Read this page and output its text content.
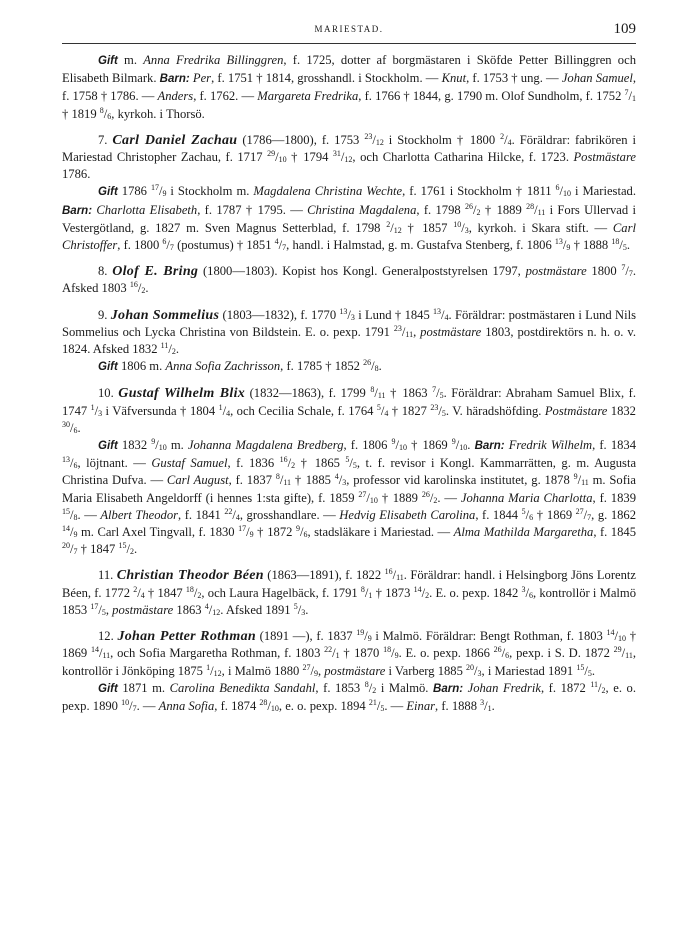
MARIESTAD.	109

Gift m. Anna Fredrika Billinggren, f. 1725, dotter af borgmästaren i Sköfde Petter Billinggren och Elisabeth Bilmark. Barn: Per, f. 1751 † 1814, grosshandl. i Stockholm. — Knut, f. 1753 † ung. — Johan Samuel, f. 1758 † 1786. — Anders, f. 1762. — Margareta Fredrika, f. 1766 † 1844, g. 1790 m. Olof Sundholm, f. 1752 $^7/_1$ † 1819 $^8/_6$, kyrkoh. i Thorsö.

7. Carl Daniel Zachau (1786—1800), f. 1753 $^{23}/_{12}$ i Stockholm † 1800 $^2/_4$. Föräldrar: fabrikören i Mariestad Christopher Zachau, f. 1717 $^{29}/_{10}$ † 1794 $^{31}/_{12}$, och Charlotta Catharina Hilcke, f. 1723. Postmästare 1786.

Gift 1786 $^{17}/_9$ i Stockholm m. Magdalena Christina Wechte, f. 1761 i Stockholm † 1811 $^6/_{10}$ i Mariestad. Barn: Charlotta Elisabeth, f. 1787 † 1795. — Christina Magdalena, f. 1798 $^{26}/_2$ † 1889 $^{28}/_{11}$ i Fors Ullervad i Vestergötland, g. 1827 m. Sven Magnus Setterblad, f. 1798 $^2/_{12}$ † 1857 $^{10}/_3$, kyrkoh. i Skara stift. — Carl Christoffer, f. 1800 $^6/_7$ (postumus) † 1851 $^4/_7$, handl. i Halmstad, g. m. Gustafva Stenberg, f. 1806 $^{13}/_9$ † 1888 $^{18}/_5$.

8. Olof E. Bring (1800—1803). Kopist hos Kongl. Generalpoststyrelsen 1797, postmästare 1800 $^7/_7$. Afsked 1803 $^{16}/_2$.

9. Johan Sommelius (1803—1832), f. 1770 $^{13}/_3$ i Lund † 1845 $^{13}/_4$. Föräldrar: postmästaren i Lund Nils Sommelius och Lycka Christina von Bildstein. E. o. pexp. 1791 $^{23}/_{11}$, postmästare 1803, postdirektörs n. h. o. v. 1824. Afsked 1832 $^{11}/_2$.

Gift 1806 m. Anna Sofia Zachrisson, f. 1785 † 1852 $^{26}/_8$.

10. Gustaf Wilhelm Blix (1832—1863), f. 1799 $^8/_{11}$ † 1863 $^7/_5$. Föräldrar: Abraham Samuel Blix, f. 1747 $^1/_3$ i Väfversunda † 1804 $^1/_4$, och Cecilia Schale, f. 1764 $^5/_4$ † 1827 $^{23}/_5$. V. häradshöfding. Postmästare 1832 $^{30}/_6$.

Gift 1832 $^9/_{10}$ m. Johanna Magdalena Bredberg, f. 1806 $^9/_{10}$ † 1869 $^9/_{10}$. Barn: Fredrik Wilhelm, f. 1834 $^{13}/_6$, löjtnant. — Gustaf Samuel, f. 1836 $^{16}/_2$ † 1865 $^5/_5$, t. f. revisor i Kongl. Kammarrätten, g. m. Augusta Christina Dufva. — Carl August, f. 1837 $^8/_{11}$ † 1885 $^4/_3$, professor vid karolinska institutet, g. 1878 $^9/_{11}$ m. Sofia Maria Elisabeth Angeldorff (i hennes 1:sta gifte), f. 1859 $^{27}/_{10}$ † 1889 $^{26}/_2$. — Johanna Maria Charlotta, f. 1839 $^{15}/_8$. — Albert Theodor, f. 1841 $^{22}/_4$, grosshandlare. — Hedvig Elisabeth Carolina, f. 1844 $^5/_6$ † 1869 $^{27}/_7$, g. 1862 $^{14}/_9$ m. Carl Axel Tingvall, f. 1830 $^{17}/_9$ † 1872 $^9/_6$, stadsläkare i Mariestad. — Alma Mathilda Margaretha, f. 1845 $^{20}/_7$ † 1847 $^{15}/_2$.

11. Christian Theodor Béen (1863—1891), f. 1822 $^{16}/_{11}$. Föräldrar: handl. i Helsingborg Jöns Lorentz Béen, f. 1772 $^2/_4$ † 1847 $^{18}/_2$, och Laura Hagelbäck, f. 1791 $^8/_1$ † 1873 $^{14}/_2$. E. o. pexp. 1842 $^3/_6$, kontrollör i Malmö 1853 $^{17}/_5$, postmästare 1863 $^4/_{12}$. Afsked 1891 $^5/_3$.

12. Johan Petter Rothman (1891 —), f. 1837 $^{19}/_9$ i Malmö. Föräldrar: Bengt Rothman, f. 1803 $^{14}/_{10}$ † 1869 $^{14}/_{11}$, och Sofia Margaretha Rothman, f. 1803 $^{22}/_1$ † 1870 $^{18}/_9$. E. o. pexp. 1866 $^{26}/_6$, pexp. i S. D. 1872 $^{29}/_{11}$, kontrollör i Jönköping 1875 $^1/_{12}$, i Malmö 1880 $^{27}/_9$, postmästare i Varberg 1885 $^{20}/_3$, i Mariestad 1891 $^{15}/_5$.

Gift 1871 m. Carolina Benedikta Sandahl, f. 1853 $^8/_2$ i Malmö. Barn: Johan Fredrik, f. 1872 $^{11}/_2$, e. o. pexp. 1890 $^{10}/_7$. — Anna Sofia, f. 1874 $^{28}/_{10}$, e. o. pexp. 1894 $^{21}/_5$. — Einar, f. 1888 $^3/_1$.
